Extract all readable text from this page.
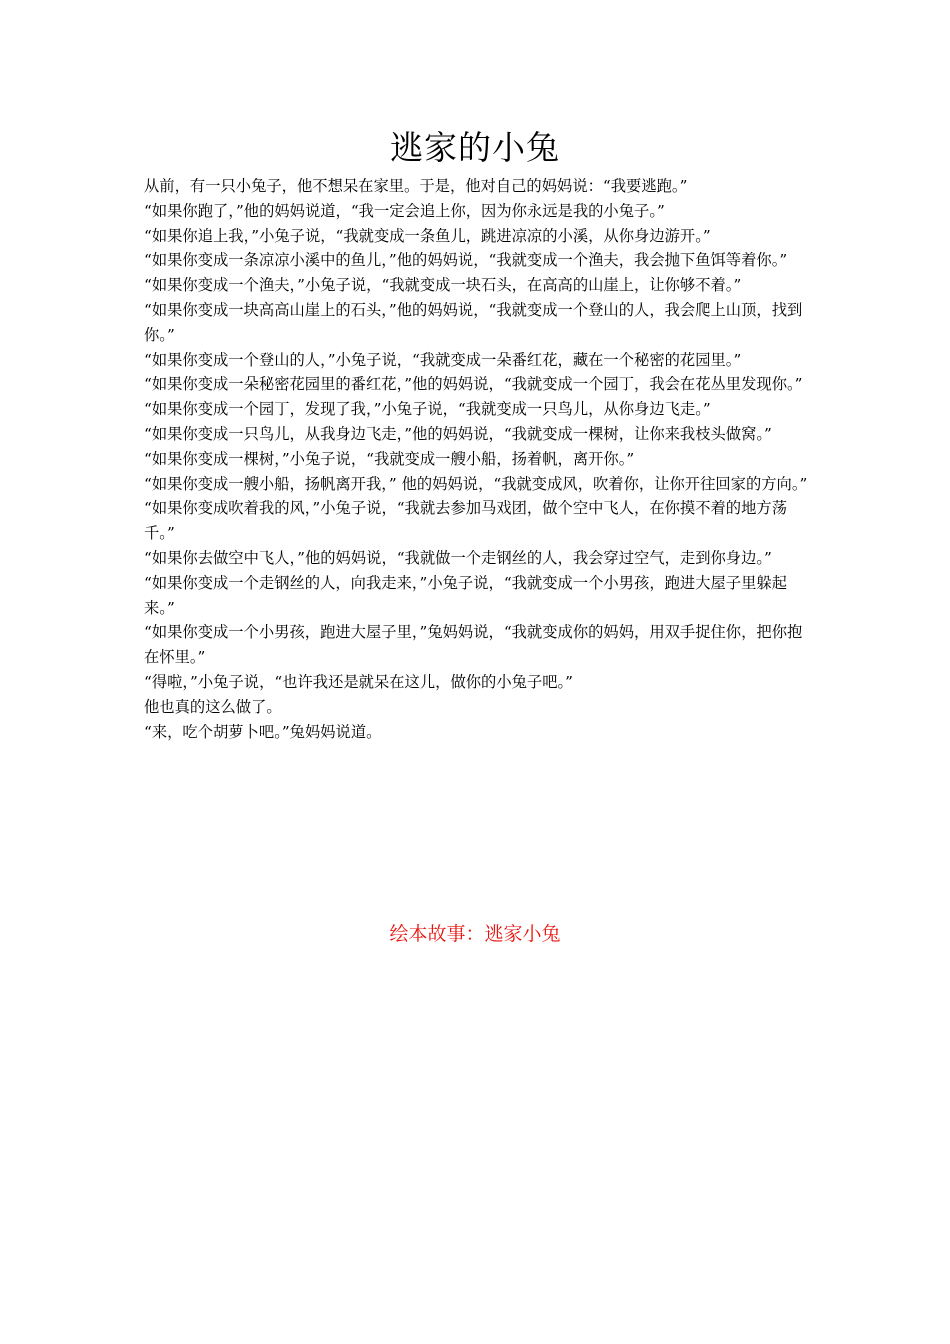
逃家的小兔

从前，有一只小兔子，他不想呆在家里。于是，他对自己的妈妈说：“我要逃跑。”

“如果你跑了，”他的妈妈说道，“我一定会追上你，因为你永远是我的小兔子。”

“如果你追上我，”小兔子说，“我就变成一条鱼儿，跳进凉凉的小溪，从你身边游开。”

“如果你变成一条凉凉小溪中的鱼儿，”他的妈妈说，“我就变成一个渔夫，我会抛下鱼饵等着你。”

“如果你变成一个渔夫，”小兔子说，“我就变成一块石头，在高高的山崖上，让你够不着。”

“如果你变成一块高高山崖上的石头，”他的妈妈说，“我就变成一个登山的人，我会爬上山顶，找到你。”

“如果你变成一个登山的人，”小兔子说，“我就变成一朵番红花，藏在一个秘密的花园里。”

“如果你变成一朵秘密花园里的番红花，”他的妈妈说，“我就变成一个园丁，我会在花丛里发现你。”

“如果你变成一个园丁，发现了我，”小兔子说，“我就变成一只鸟儿，从你身边飞走。”

“如果你变成一只鸟儿，从我身边飞走，”他的妈妈说，“我就变成一棵树，让你来我枝头做窝。”

“如果你变成一棵树，”小兔子说，“我就变成一艘小船，扬着帆，离开你。”

“如果你变成一艘小船，扬帆离开我，” 他的妈妈说，“我就变成风，吹着你，让你开往回家的方向。”

“如果你变成吹着我的风，”小兔子说，“我就去参加马戏团，做个空中飞人，在你摸不着的地方荡千。”

“如果你去做空中飞人，”他的妈妈说，“我就做一个走钢丝的人，我会穿过空气，走到你身边。”

“如果你变成一个走钢丝的人，向我走来，”小兔子说，“我就变成一个小男孩，跑进大屋子里躲起来。”

“如果你变成一个小男孩，跑进大屋子里，”兔妈妈说，“我就变成你的妈妈，用双手捉住你，把你抱在怀里。”

“得啦，”小兔子说，“也许我还是就呆在这儿，做你的小兔子吧。”

他也真的这么做了。

“来，吃个胡萝卜吧。”兔妈妈说道。

绘本故事：逃家小兔
